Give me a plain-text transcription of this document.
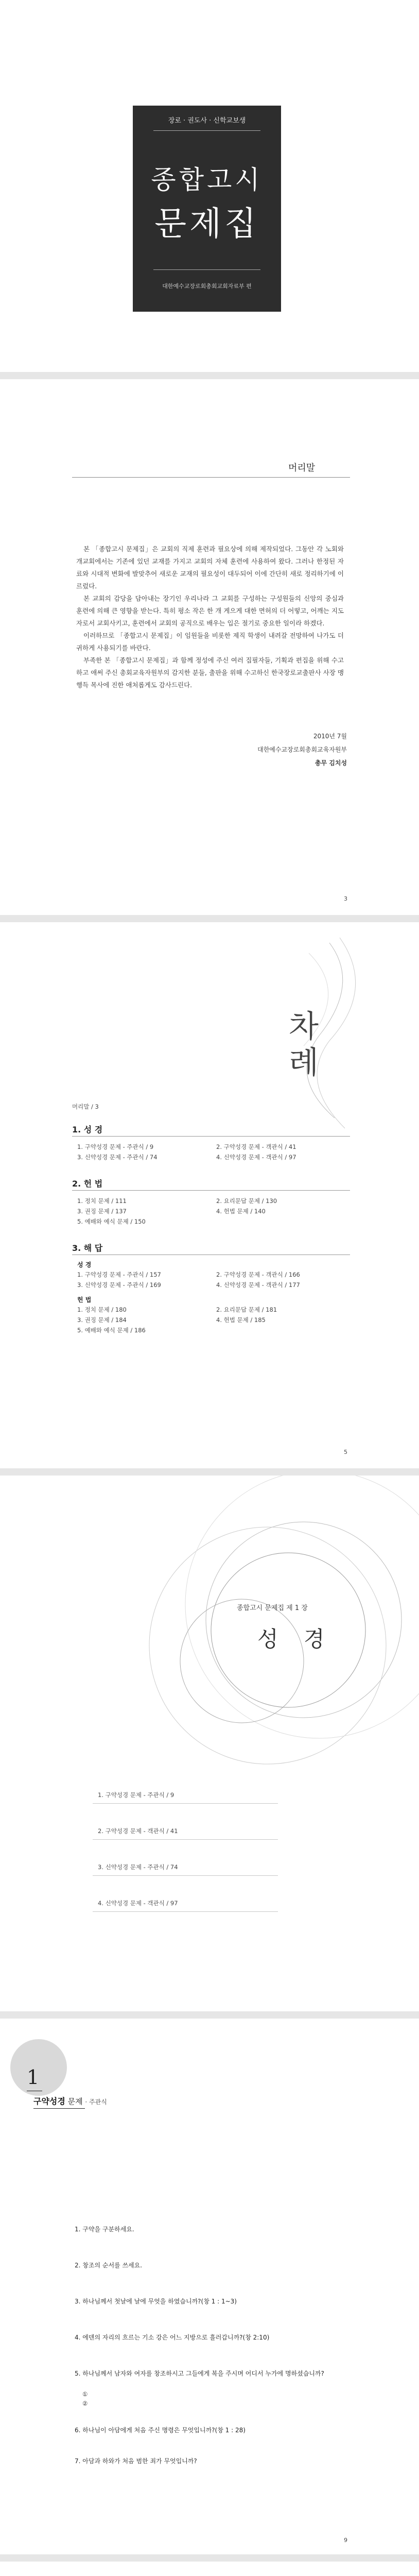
장로 · 권도사 · 신학교보생
종합고시
문제집
대한예수교장로회총회교회자료부 편
머리말

본 「종합고시 문제집」은 교회의 직제 훈련과 필요상에 의해 제작되었다. 그동안 각 노회와 개교회에서는 기존에 있던 교재를 가지고 교회의 자체 훈련에 사용하여 왔다. 그러나 한정된 자료와 시대적 변화에 발맞추어 새로운 교재의 필요성이 대두되어 이에 간단히 새로 정리하기에 이르렀다.

본 교회의 감당을 담아내는 장기인 우리나라 그 교회를 구성하는 구성원들의 신앙의 중심과 훈련에 의해 큰 영향을 받는다. 특히 평소 작은 한 개 게으게 대한 면허의 더 어떻고, 어깨는 지도자로서 교회사키고, 훈련에서 교회의 공직으로 배우는 입은 절기로 중요한 일이라 하겠다.

이러하므로 「종합고시 문제집」이 임원들을 비롯한 제직 학생이 내려갈 전망하여 나가도 더 귀하게 사용되기를 바란다.

부족한 본 「종합고시 문제집」과 함께 정성에 주신 여러 집필자들, 기획과 편집을 위해 수고하고 애써 주신 총회교육자원부의 감지한 분들, 출판을 위해 수고하신 한국장로교출판사 사장 맹행득 목사에 진한 애처롭게도 감사드린다.

2010년 7월
대한예수교장로회총회교육자원부
총무 김치성
3
차례
머리말 / 3
1. 성 경
1. 구약성경 문제 - 주관식 / 9	2. 구약성경 문제 - 객관식 / 41
3. 신약성경 문제 - 주관식 / 74	4. 신약성경 문제 - 객관식 / 97
2. 헌 법
1. 정치 문제 / 111	2. 요리문답 문제 / 130
3. 권징 문제 / 137	4. 헌법 문제 / 140
5. 예배와 예식 문제 / 150
3. 해 답
성 경
1. 구약성경 문제 - 주관식 / 157	2. 구약성경 문제 - 객관식 / 166
3. 신약성경 문제 - 주관식 / 169	4. 신약성경 문제 - 객관식 / 177
헌 법
1. 정치 문제 / 180	2. 요리문답 문제 / 181
3. 권징 문제 / 184	4. 헌법 문제 / 185
5. 예배와 예식 문제 / 186
5
종합고시 문제집 제 1 장
성 경
1. 구약성경 문제 - 주관식 / 9
2. 구약성경 문제 - 객관식 / 41
3. 신약성경 문제 - 주관식 / 74
4. 신약성경 문제 - 객관식 / 97
1
구약성경 문제 · 주관식
1. 구약을 구분하세요.
2. 창조의 순서를 쓰세요.
3. 하나님께서 첫날에 날에 무엇을 하였습니까?(창 1 : 1~3)
4. 에덴의 자리의 흐르는 기소 강은 어느 지방으로 흘러갑니까?(창 2:10)
5. 하나님께서 남자와 여자를 창조하시고 그들에게 복을 주시며 어디서 누가에 명하셨습니까?
①
②
6. 하나님이 아담에게 처음 주신 명령은 무엇입니까?(창 1 : 28)
7. 아담과 하와가 처음 범한 죄가 무엇입니까?
9
